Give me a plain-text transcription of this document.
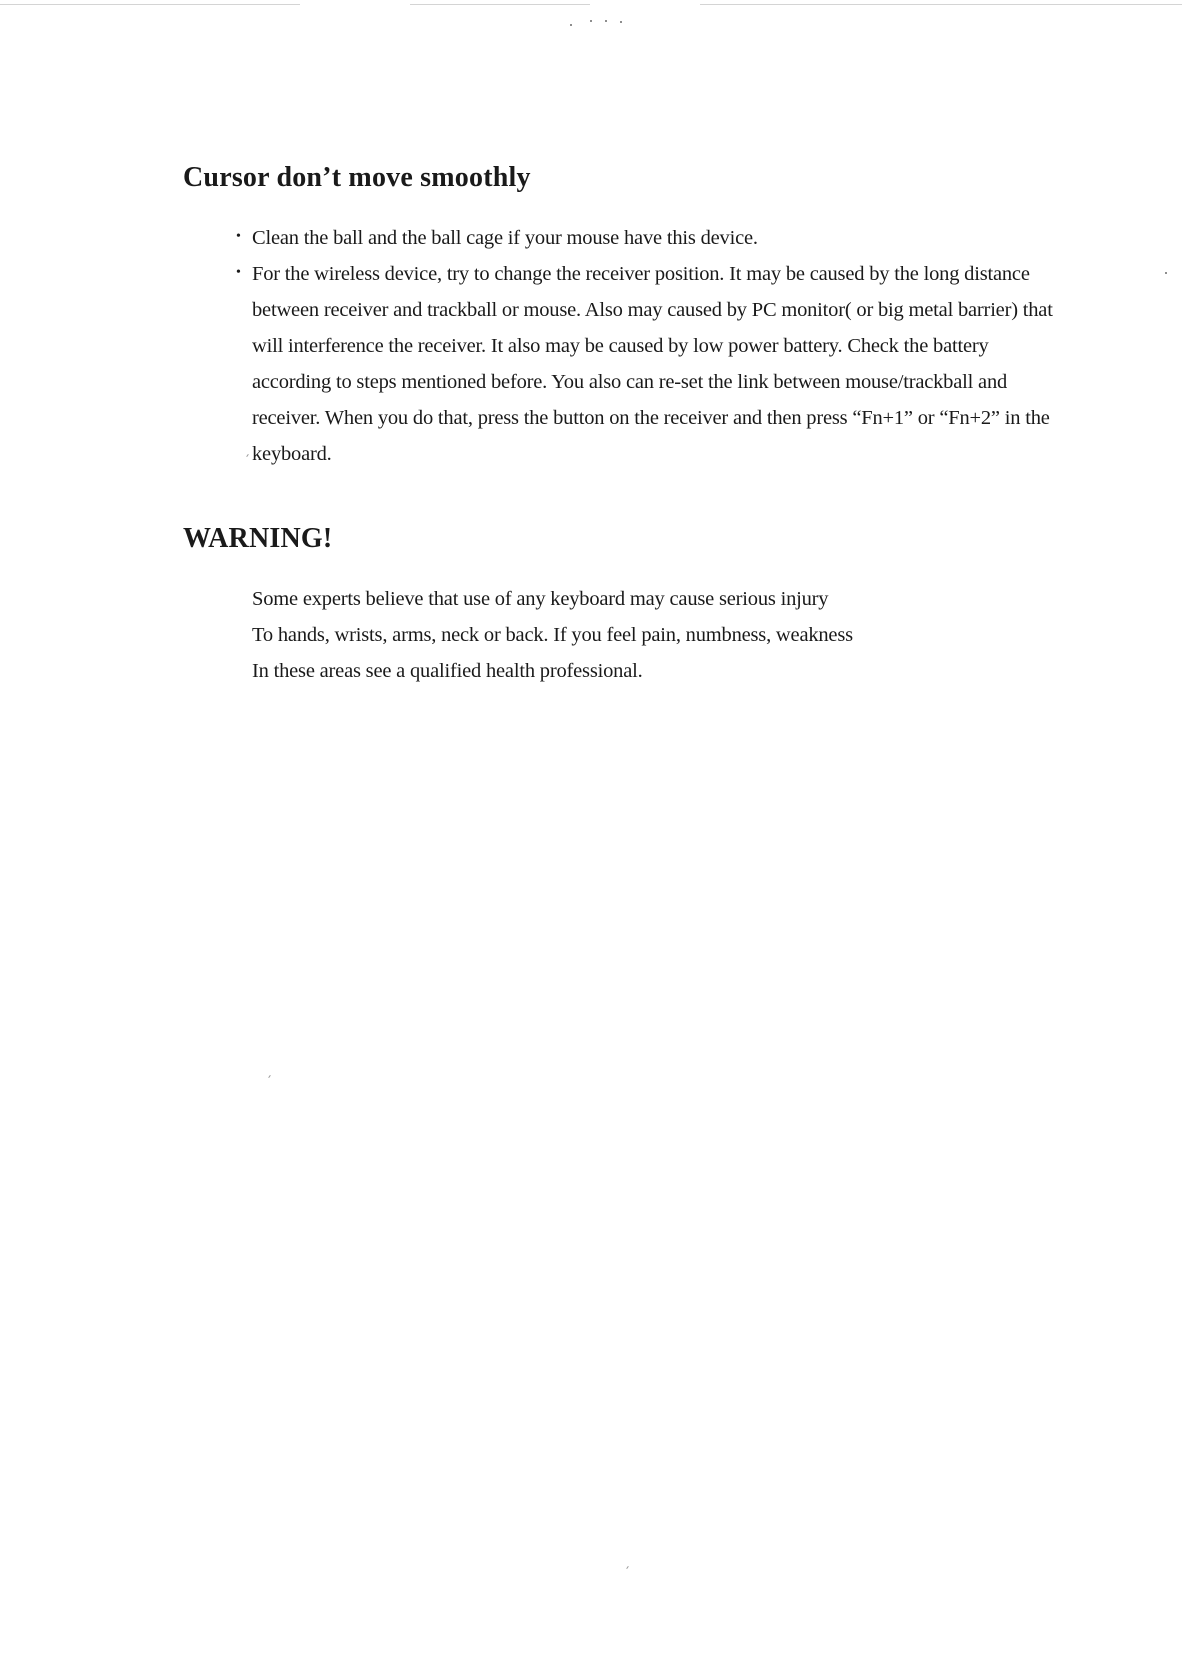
Cursor don’t move smoothly
• Clean the ball and the ball cage if your mouse have this device.
• For the wireless device, try to change the receiver position. It may be caused by the long distance between receiver and trackball or mouse. Also may caused by PC monitor( or big metal barrier) that will interference the receiver. It also may be caused by low power battery. Check the battery according to steps mentioned before. You also can re-set the link between mouse/trackball and receiver. When you do that, press the button on the receiver and then press “Fn+1” or “Fn+2” in the keyboard.
WARNING!
Some experts believe that use of any keyboard may cause serious injury
To hands, wrists, arms, neck or back. If you feel pain, numbness, weakness
In these areas see a qualified health professional.
